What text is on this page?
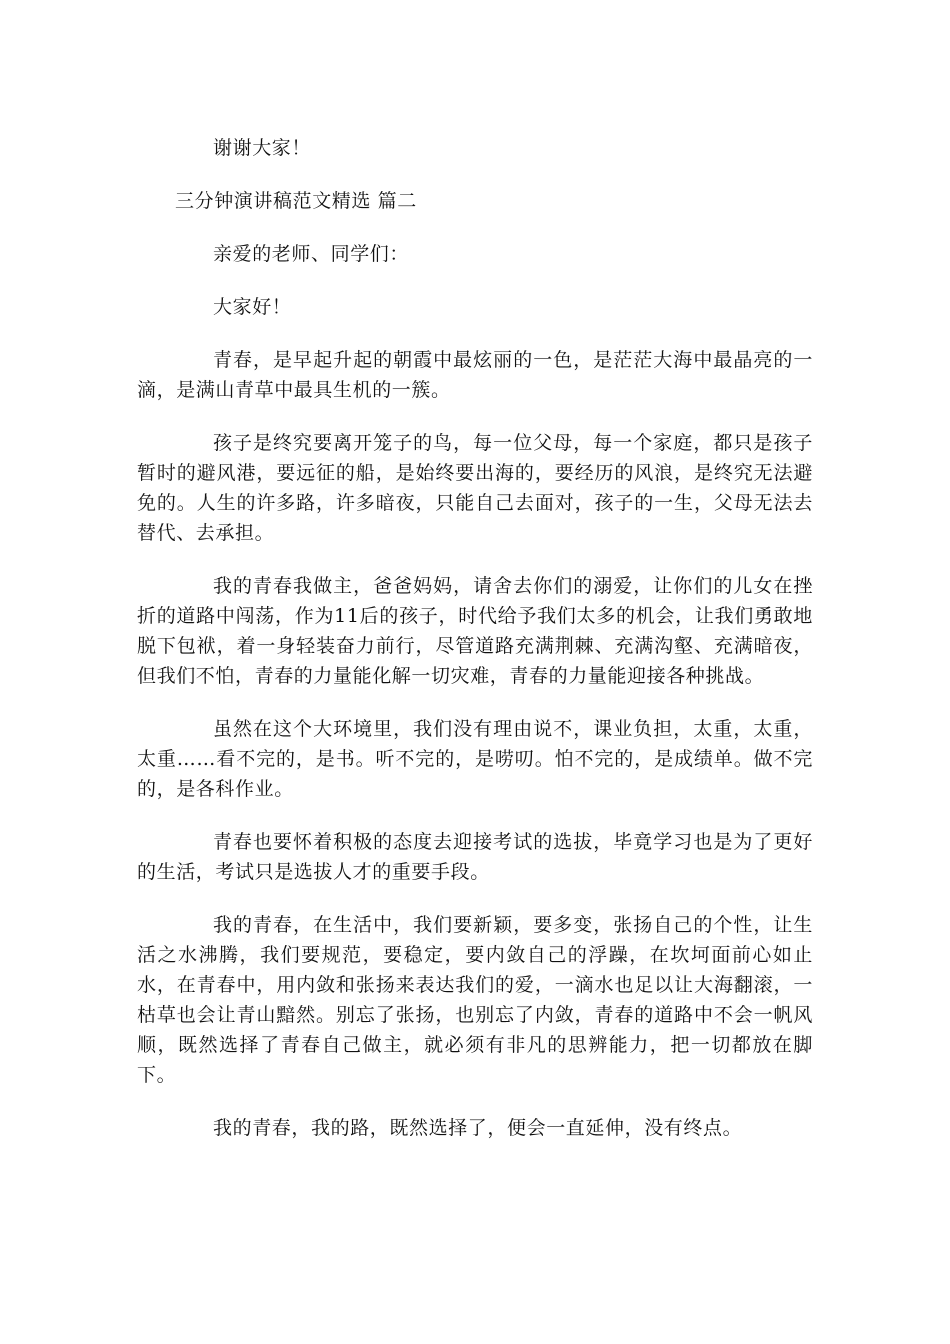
谢谢大家！

三分钟演讲稿范文精选 篇二

亲爱的老师、同学们：

大家好！

青春，是早起升起的朝霞中最炫丽的一色，是茫茫大海中最晶亮的一滴，是满山青草中最具生机的一簇。

孩子是终究要离开笼子的鸟，每一位父母，每一个家庭，都只是孩子暂时的避风港，要远征的船，是始终要出海的，要经历的风浪，是终究无法避免的。人生的许多路，许多暗夜，只能自己去面对，孩子的一生，父母无法去替代、去承担。

我的青春我做主，爸爸妈妈，请舍去你们的溺爱，让你们的儿女在挫折的道路中闯荡，作为11后的孩子，时代给予我们太多的机会，让我们勇敢地脱下包袱，着一身轻装奋力前行，尽管道路充满荆棘、充满沟壑、充满暗夜，但我们不怕，青春的力量能化解一切灾难，青春的力量能迎接各种挑战。

虽然在这个大环境里，我们没有理由说不，课业负担，太重，太重，太重……看不完的，是书。听不完的，是唠叨。怕不完的，是成绩单。做不完的，是各科作业。

青春也要怀着积极的态度去迎接考试的选拔，毕竟学习也是为了更好的生活，考试只是选拔人才的重要手段。

我的青春，在生活中，我们要新颖，要多变，张扬自己的个性，让生活之水沸腾，我们要规范，要稳定，要内敛自己的浮躁，在坎坷面前心如止水，在青春中，用内敛和张扬来表达我们的爱，一滴水也足以让大海翻滚，一枯草也会让青山黯然。别忘了张扬，也别忘了内敛，青春的道路中不会一帆风顺，既然选择了青春自己做主，就必须有非凡的思辨能力，把一切都放在脚下。

我的青春，我的路，既然选择了，便会一直延伸，没有终点。
